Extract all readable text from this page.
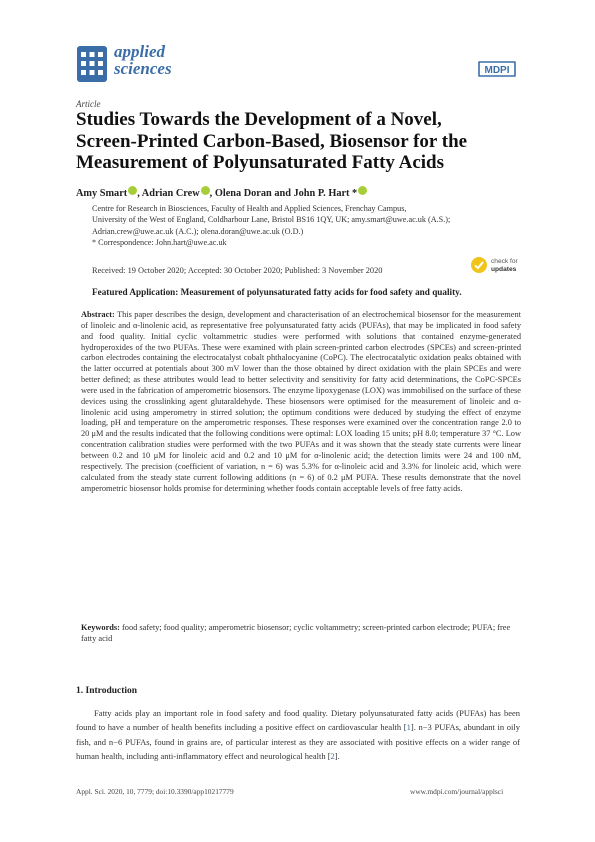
applied
sciences	MDPI
Article
Studies Towards the Development of a Novel, Screen-Printed Carbon-Based, Biosensor for the Measurement of Polyunsaturated Fatty Acids
Amy Smart , Adrian Crew , Olena Doran and John P. Hart *
Centre for Research in Biosciences, Faculty of Health and Applied Sciences, Frenchay Campus,
University of the West of England, Coldharbour Lane, Bristol BS16 1QY, UK; amy.smart@uwe.ac.uk (A.S.);
Adrian.crew@uwe.ac.uk (A.C.); olena.doran@uwe.ac.uk (O.D.)
* Correspondence: John.hart@uwe.ac.uk
Received: 19 October 2020; Accepted: 30 October 2020; Published: 3 November 2020
check for
updates
Featured Application: Measurement of polyunsaturated fatty acids for food safety and quality.
Abstract: This paper describes the design, development and characterisation of an electrochemical biosensor for the measurement of linoleic and α-linolenic acid, as representative free polyunsaturated fatty acids (PUFAs), that may be implicated in food safety and food quality. Initial cyclic voltammetric studies were performed with solutions that contained enzyme-generated hydroperoxides of the two PUFAs. These were examined with plain screen-printed carbon electrodes (SPCEs) and screen-printed carbon electrodes containing the electrocatalyst cobalt phthalocyanine (CoPC). The electrocatalytic oxidation peaks obtained with the latter occurred at potentials about 300 mV lower than the those obtained by direct oxidation with the plain SPCEs and were better defined; as these attributes would lead to better selectivity and sensitivity for fatty acid determinations, the CoPC-SPCEs were used in the fabrication of amperometric biosensors. The enzyme lipoxygenase (LOX) was immobilised on the surface of these devices using the crosslinking agent glutaraldehyde. These biosensors were optimised for the measurement of linoleic and α-linolenic acid using amperometry in stirred solution; the optimum conditions were deduced by studying the effect of enzyme loading, pH and temperature on the amperometric responses. These responses were examined over the concentration range 2.0 to 20 μM and the results indicated that the following conditions were optimal: LOX loading 15 units; pH 8.0; temperature 37 °C. Low concentration calibration studies were performed with the two PUFAs and it was shown that the steady state currents were linear between 0.2 and 10 μM for linoleic acid and 0.2 and 10 μM for α-linolenic acid; the detection limits were 24 and 100 nM, respectively. The precision (coefficient of variation, n = 6) was 5.3% for α-linoleic acid and 3.3% for linoleic acid, which were calculated from the steady state current following additions (n = 6) of 0.2 μM PUFA. These results demonstrate that the novel amperometric biosensor holds promise for determining whether foods contain acceptable levels of free fatty acids.
Keywords: food safety; food quality; amperometric biosensor; cyclic voltammetry; screen-printed carbon electrode; PUFA; free fatty acid
1. Introduction
Fatty acids play an important role in food safety and food quality. Dietary polyunsaturated fatty acids (PUFAs) has been found to have a number of health benefits including a positive effect on cardiovascular health [1]. n−3 PUFAs, abundant in oily fish, and n−6 PUFAs, found in grains are, of particular interest as they are associated with positive effects on a wider range of human health, including anti-inflammatory effect and neurological health [2].
Appl. Sci. 2020, 10, 7779; doi:10.3390/app10217779	www.mdpi.com/journal/applsci
